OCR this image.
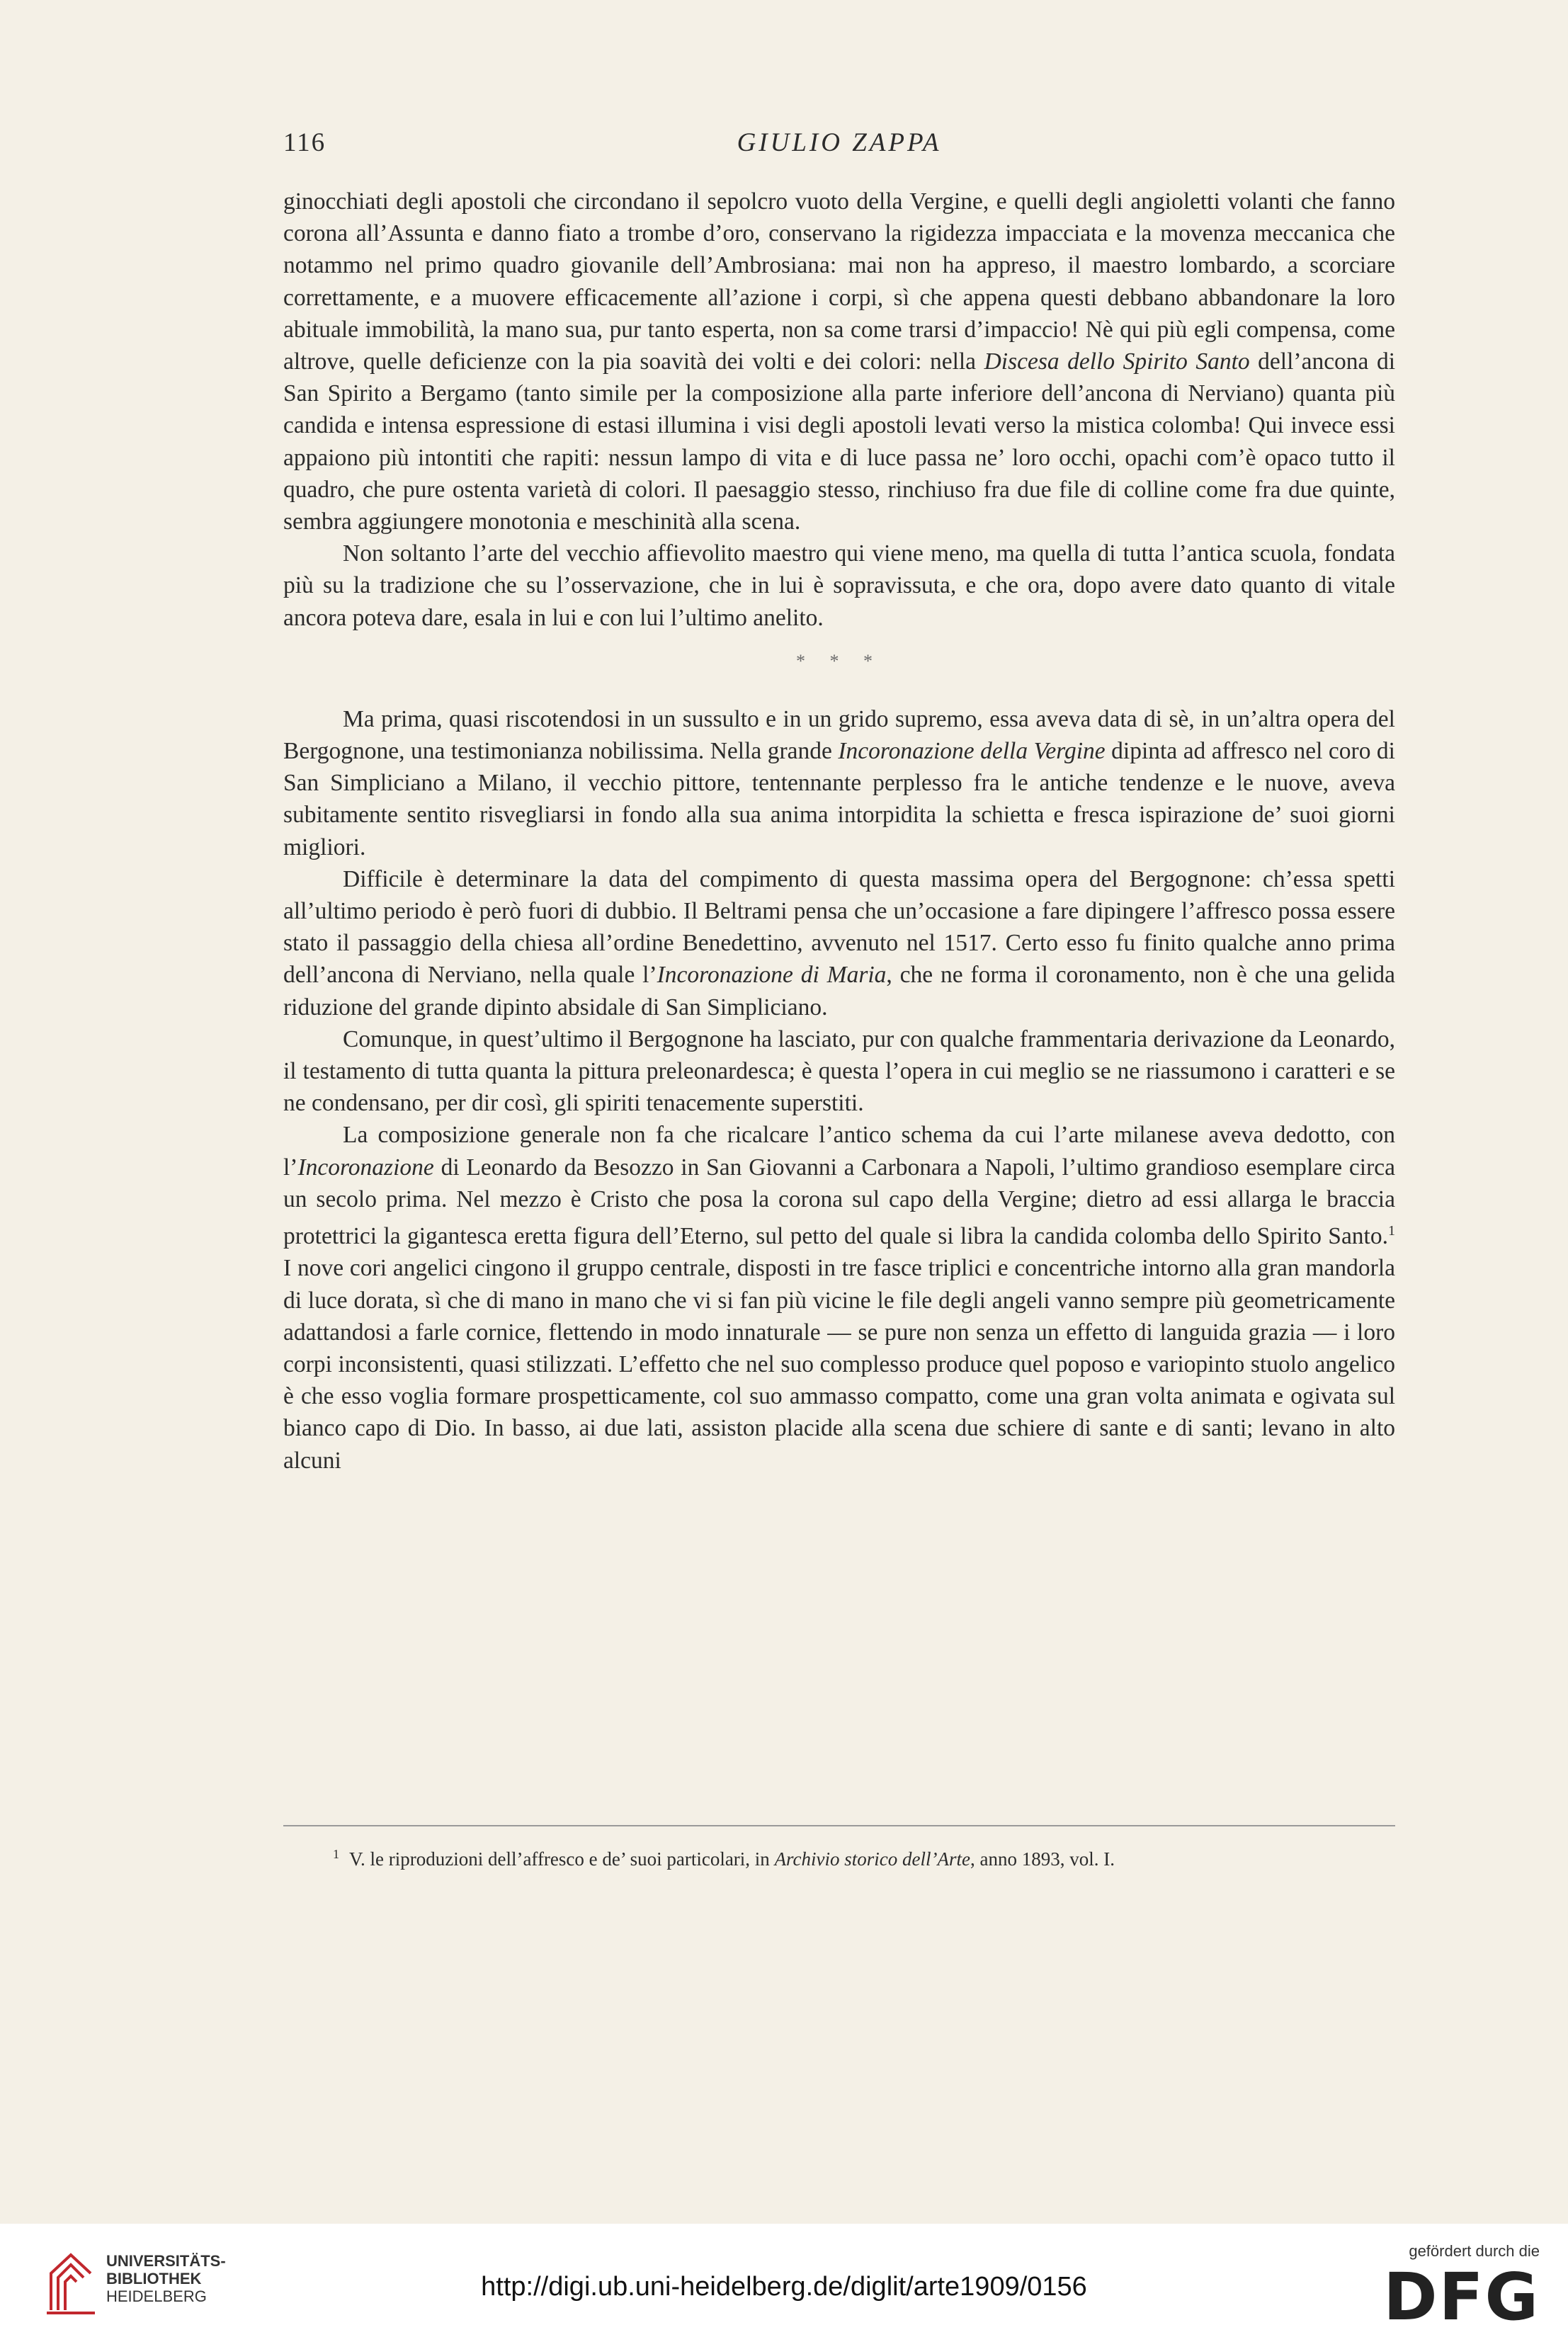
116	GIULIO ZAPPA

ginocchiati degli apostoli che circondano il sepolcro vuoto della Vergine, e quelli degli angioletti volanti che fanno corona all’Assunta e danno fiato a trombe d’oro, conservano la rigidezza impacciata e la movenza meccanica che notammo nel primo quadro giovanile dell’Ambrosiana: mai non ha appreso, il maestro lombardo, a scorciare correttamente, e a muovere efficacemente all’azione i corpi, sì che appena questi debbano abbandonare la loro abituale immobilità, la mano sua, pur tanto esperta, non sa come trarsi d’impaccio! Nè qui più egli compensa, come altrove, quelle deficienze con la pia soavità dei volti e dei colori: nella Discesa dello Spirito Santo dell’ancona di San Spirito a Bergamo (tanto simile per la composizione alla parte inferiore dell’ancona di Nerviano) quanta più candida e intensa espressione di estasi illumina i visi degli apostoli levati verso la mistica colomba! Qui invece essi appaiono più intontiti che rapiti: nessun lampo di vita e di luce passa ne’ loro occhi, opachi com’è opaco tutto il quadro, che pure ostenta varietà di colori. Il paesaggio stesso, rinchiuso fra due file di colline come fra due quinte, sembra aggiungere monotonia e meschinità alla scena.

Non soltanto l’arte del vecchio affievolito maestro qui viene meno, ma quella di tutta l’antica scuola, fondata più su la tradizione che su l’osservazione, che in lui è sopravissuta, e che ora, dopo avere dato quanto di vitale ancora poteva dare, esala in lui e con lui l’ultimo anelito.

* * *

Ma prima, quasi riscotendosi in un sussulto e in un grido supremo, essa aveva data di sè, in un’altra opera del Bergognone, una testimonianza nobilissima. Nella grande Incoronazione della Vergine dipinta ad affresco nel coro di San Simpliciano a Milano, il vecchio pittore, tentennante perplesso fra le antiche tendenze e le nuove, aveva subitamente sentito risvegliarsi in fondo alla sua anima intorpidita la schietta e fresca ispirazione de’ suoi giorni migliori.

Difficile è determinare la data del compimento di questa massima opera del Bergognone: ch’essa spetti all’ultimo periodo è però fuori di dubbio. Il Beltrami pensa che un’occasione a fare dipingere l’affresco possa essere stato il passaggio della chiesa all’ordine Benedettino, avvenuto nel 1517. Certo esso fu finito qualche anno prima dell’ancona di Nerviano, nella quale l’Incoronazione di Maria, che ne forma il coronamento, non è che una gelida riduzione del grande dipinto absidale di San Simpliciano.

Comunque, in quest’ultimo il Bergognone ha lasciato, pur con qualche frammentaria derivazione da Leonardo, il testamento di tutta quanta la pittura preleonardesca; è questa l’opera in cui meglio se ne riassumono i caratteri e se ne condensano, per dir così, gli spiriti tenacemente superstiti.

La composizione generale non fa che ricalcare l’antico schema da cui l’arte milanese aveva dedotto, con l’Incoronazione di Leonardo da Besozzo in San Giovanni a Carbonara a Napoli, l’ultimo grandioso esemplare circa un secolo prima. Nel mezzo è Cristo che posa la corona sul capo della Vergine; dietro ad essi allarga le braccia protettrici la gigantesca eretta figura dell’Eterno, sul petto del quale si libra la candida colomba dello Spirito Santo.$^1$ I nove cori angelici cingono il gruppo centrale, disposti in tre fasce triplici e concentriche intorno alla gran mandorla di luce dorata, sì che di mano in mano che vi si fan più vicine le file degli angeli vanno sempre più geometricamente adattandosi a farle cornice, flettendo in modo innaturale — se pure non senza un effetto di languida grazia — i loro corpi inconsistenti, quasi stilizzati. L’effetto che nel suo complesso produce quel poposo e variopinto stuolo angelico è che esso voglia formare prospetticamente, col suo ammasso compatto, come una gran volta animata e ogivata sul bianco capo di Dio. In basso, ai due lati, assiston placide alla scena due schiere di sante e di santi; levano in alto alcuni

$^1$ V. le riproduzioni dell’affresco e de’ suoi particolari, in Archivio storico dell’Arte, anno 1893, vol. I.
UNIVERSITÄTS-
BIBLIOTHEK
HEIDELBERG	http://digi.ub.uni-heidelberg.de/diglit/arte1909/0156
gefördert durch die
DFG
